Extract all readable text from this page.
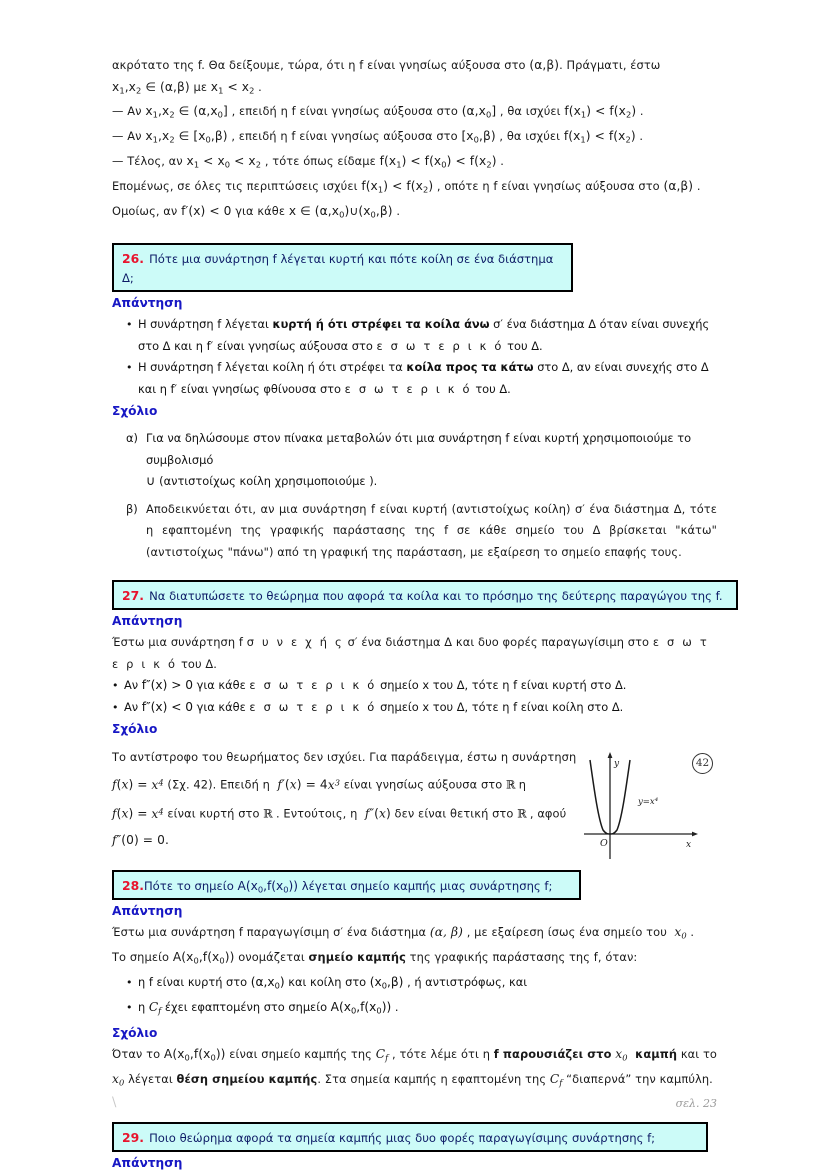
ακρότατο της f. Θα δείξουμε, τώρα, ότι η f είναι γνησίως αύξουσα στο (α,β). Πράγματι, έστω
$x_1,x_2$ ∈ (α,β) με $x_1 < x_2$ .
— Αν $x_1,x_2$ ∈ $(\alpha,x_0]$ , επειδή η f είναι γνησίως αύξουσα στο $(\alpha,x_0]$ , θα ισχύει $f(x_1) < f(x_2)$ .
— Αν $x_1,x_2$ ∈ $[x_0,\beta)$ , επειδή η f είναι γνησίως αύξουσα στο $[x_0,\beta)$ , θα ισχύει $f(x_1) < f(x_2)$ .
— Τέλος, αν $x_1 < x_0 < x_2$ , τότε όπως είδαμε $f(x_1) < f(x_0) < f(x_2)$ .
Επομένως, σε όλες τις περιπτώσεις ισχύει $f(x_1) < f(x_2)$ , οπότε η f είναι γνησίως αύξουσα στο (α,β) .
Ομοίως, αν f′(x) < 0 για κάθε x ∈ $(\alpha,x_0)\cup(x_0,\beta)$ .
26. Πότε μια συνάρτηση f λέγεται κυρτή και πότε κοίλη σε ένα διάστημα Δ;
Απάντηση
• Η συνάρτηση f λέγεται κυρτή ή ότι στρέφει τα κοίλα άνω σ′ ένα διάστημα Δ όταν είναι συνεχής στο Δ και η f′ είναι γνησίως αύξουσα στο ε σ ω τ ε ρ ι κ ό του Δ.
• Η συνάρτηση f λέγεται κοίλη ή ότι στρέφει τα κοίλα προς τα κάτω στο Δ, αν είναι συνεχής στο Δ και η f′ είναι γνησίως φθίνουσα στο ε σ ω τ ε ρ ι κ ό του Δ.
Σχόλιο
α) Για να δηλώσουμε στον πίνακα μεταβολών ότι μια συνάρτηση f είναι κυρτή χρησιμοποιούμε το συμβολισμό
∪ (αντιστοίχως κοίλη χρησιμοποιούμε ).
β) Αποδεικνύεται ότι, αν μια συνάρτηση f είναι κυρτή (αντιστοίχως κοίλη) σ′ ένα διάστημα Δ, τότε η εφαπτομένη της γραφικής παράστασης της f σε κάθε σημείο του Δ βρίσκεται "κάτω" (αντιστοίχως "πάνω") από τη γραφική της παράσταση, με εξαίρεση το σημείο επαφής τους.
27. Να διατυπώσετε το θεώρημα που αφορά τα κοίλα και το πρόσημο της δεύτερης παραγώγου της f.
Απάντηση
Έστω μια συνάρτηση f σ υ ν ε χ ή ς σ′ ένα διάστημα Δ και δυο φορές παραγωγίσιμη στο ε σ ω τ ε ρ ι κ ό του Δ.
• Αν f″(x) > 0 για κάθε ε σ ω τ ε ρ ι κ ό σημείο x του Δ, τότε η f είναι κυρτή στο Δ.
• Αν f″(x) < 0 για κάθε ε σ ω τ ε ρ ι κ ό σημείο x του Δ, τότε η f είναι κοίλη στο Δ.
Σχόλιο
Το αντίστροφο του θεωρήματος δεν ισχύει. Για παράδειγμα, έστω η συνάρτηση
$f(x) = x^4$ (Σχ. 42). Επειδή η  $f'(x) = 4x^3$ είναι γνησίως αύξουσα στο ℝ η
$f(x) = x^4$ είναι κυρτή στο ℝ . Εντούτοις, η  f″(x) δεν είναι θετική στο ℝ , αφού
f″(0) = 0.
y
x
O
y=x⁴
42
28.Πότε το σημείο $A(x_0,f(x_0))$ λέγεται σημείο καμπής μιας συνάρτησης f;
Απάντηση
Έστω μια συνάρτηση f παραγωγίσιμη σ′ ένα διάστημα (α, β) , με εξαίρεση ίσως ένα σημείο του  $x_0$ .
Το σημείο $A(x_0,f(x_0))$ ονομάζεται σημείο καμπής της γραφικής παράστασης της f, όταν:
• η f είναι κυρτή στο $(\alpha,x_0)$ και κοίλη στο $(x_0,\beta)$ , ή αντιστρόφως, και
• η $C_f$ έχει εφαπτομένη στο σημείο $A(x_0,f(x_0))$ .
Σχόλιο
Όταν το $A(x_0,f(x_0))$ είναι σημείο καμπής της $C_f$ , τότε λέμε ότι η f παρουσιάζει στο $x_0$ καμπή και το $x_0$ λέγεται θέση σημείου καμπής. Στα σημεία καμπής η εφαπτομένη της $C_f$ “διαπερνά” την καμπύλη.
29. Ποιο θεώρημα αφορά τα σημεία καμπής μιας δυο φορές παραγωγίσιμης συνάρτησης f;
Απάντηση
\	σελ. 23
